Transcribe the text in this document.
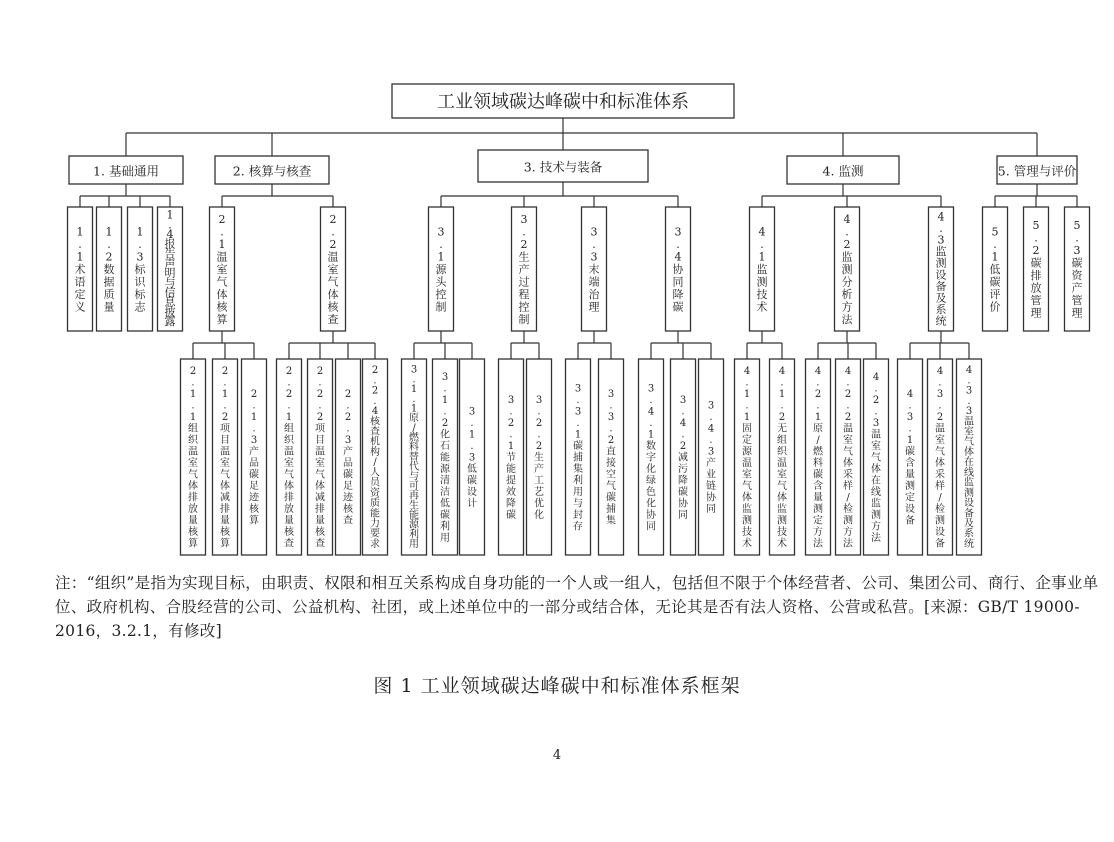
工业领域碳达峰碳中和标准体系
1. 基础通用
1 . 1 术语定义
1 . 2 数据质量
1 . 3 标识标志
1 . 4 报告声明与信息披露
2. 核算与核查
2 . 1 温室气体核算
2 . 1 . 1 组织温室气体排放量核算
2 . 1 . 2 项目温室气体减排量核算
2 . 1 . 3 产品碳足迹核算
2 . 2 温室气体核查
2 . 2 . 1 组织温室气体排放量核查
2 . 2 . 2 项目温室气体减排量核查
2 . 2 . 3 产品碳足迹核查
2 . 2 . 4 核查机构/人员资质能力要求
3. 技术与装备
3 . 1 源头控制
3 . 1 . 1 原/燃料替代与可再生能源利用
3 . 1 . 2 化石能源清洁低碳利用
3 . 1 . 3 低碳设计
3 . 2 生产过程控制
3 . 2 . 1 节能提效降碳
3 . 2 . 2 生产工艺优化
3 . 3 末端治理
3 . 3 . 1 碳捕集利用与封存
3 . 3 . 2 直接空气碳捕集
3 . 4 协同降碳
3 . 4 . 1 数字化绿色化协同
3 . 4 . 2 减污降碳协同
3 . 4 . 3 产业链协同
4. 监测
4 . 1 监测技术
4 . 1 . 1 固定源温室气体监测技术
4 . 1 . 2 无组织温室气体监测技术
4 . 2 监测分析方法
4 . 2 . 1 原/燃料碳含量测定方法
4 . 2 . 2 温室气体采样/检测方法
4 . 2 . 3 温室气体在线监测方法
4 . 3 监测设备及系统
4 . 3 . 1 碳含量测定设备
4 . 3 . 2 温室气体采样/检测设备
4 . 3 . 3 温室气体在线监测设备及系统
5. 管理与评价
5 . 1 低碳评价
5 . 2 碳排放管理
5 . 3 碳资产管理
注：“组织”是指为实现目标，由职责、权限和相互关系构成自身功能的一个人或一组人，包括但不限于个体经营者、公司、集团公司、商行、企事业单位、政府机构、合股经营的公司、公益机构、社团，或上述单位中的一部分或结合体，无论其是否有法人资格、公营或私营。[来源：GB/T 19000-2016，3.2.1，有修改]
图 1 工业领域碳达峰碳中和标准体系框架
4
